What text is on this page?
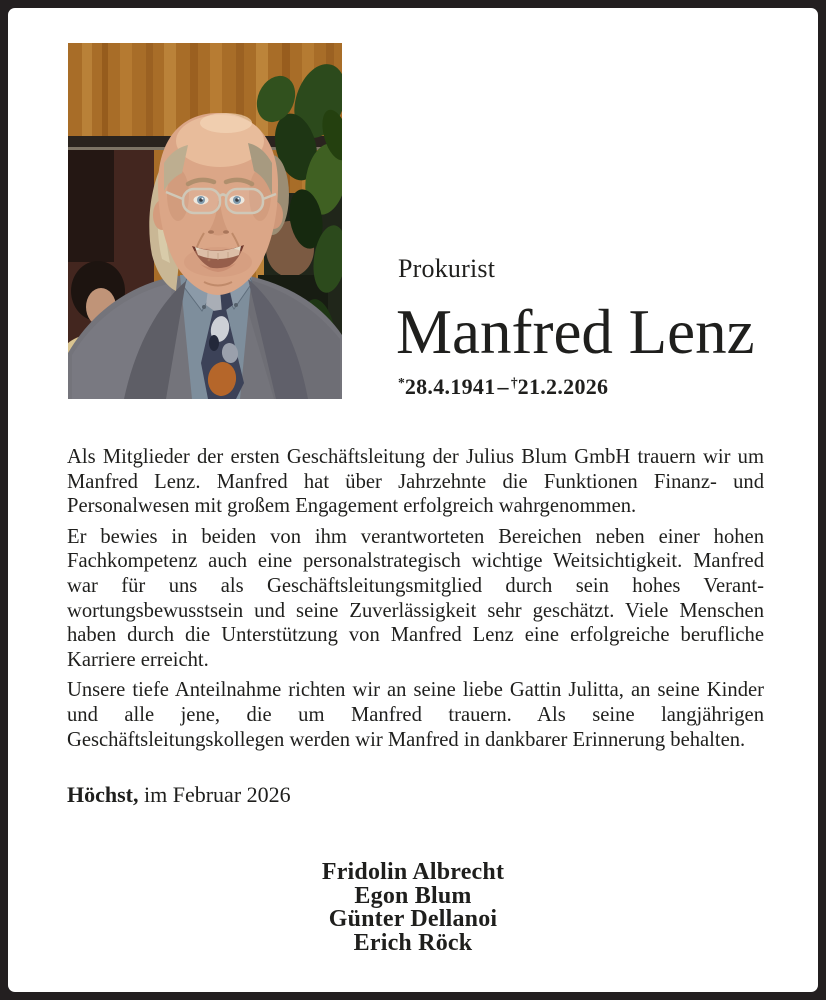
Prokurist
Manfred Lenz
*28.4.1941– †21.2.2026

Als Mitglieder der ersten Geschäftsleitung der Julius Blum GmbH trauern wir um Manfred Lenz. Manfred hat über Jahrzehnte die Funktionen Finanz- und Personalwesen mit großem Engagement erfolgreich wahrgenommen.

Er bewies in beiden von ihm verantworteten Bereichen neben einer hohen Fachkompetenz auch eine personalstrategisch wichtige Weitsichtigkeit. Manfred war für uns als Geschäftsleitungsmitglied durch sein hohes Verantwortungsbewusstsein und seine Zuverlässigkeit sehr geschätzt. Viele Menschen haben durch die Unterstützung von Manfred Lenz eine erfolgreiche berufliche Karriere erreicht.

Unsere tiefe Anteilnahme richten wir an seine liebe Gattin Julitta, an seine Kinder und alle jene, die um Manfred trauern. Als seine langjährigen Geschäftsleitungskollegen werden wir Manfred in dankbarer Erinnerung behalten.

Höchst, im Februar 2026
Fridolin Albrecht
Egon Blum
Günter Dellanoi
Erich Röck
